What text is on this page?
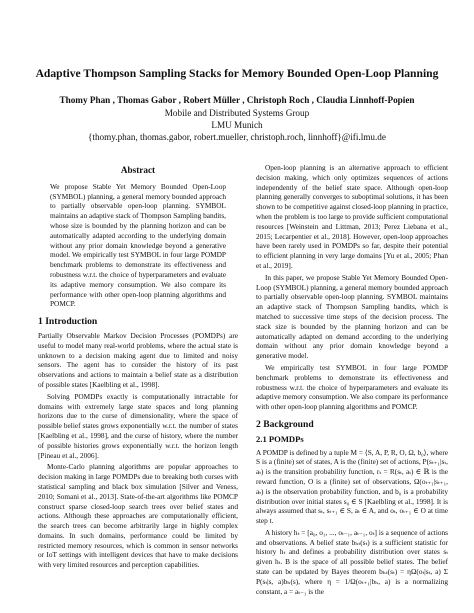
Adaptive Thompson Sampling Stacks for Memory Bounded Open-Loop Planning
Thomy Phan , Thomas Gabor , Robert Müller , Christoph Roch , Claudia Linnhoff-Popien
Mobile and Distributed Systems Group
LMU Munich
{thomy.phan, thomas.gabor, robert.mueller, christoph.roch, linnhoff}@ifi.lmu.de
Abstract
We propose Stable Yet Memory Bounded Open-Loop (SYMBOL) planning, a general memory bounded approach to partially observable open-loop planning. SYMBOL maintains an adaptive stack of Thompson Sampling bandits, whose size is bounded by the planning horizon and can be automatically adapted according to the underlying domain without any prior domain knowledge beyond a generative model. We empirically test SYMBOL in four large POMDP benchmark problems to demonstrate its effectiveness and robustness w.r.t. the choice of hyperparameters and evaluate its adaptive memory consumption. We also compare its performance with other open-loop planning algorithms and POMCP.
1 Introduction

Partially Observable Markov Decision Processes (POMDPs) are useful to model many real-world problems, where the actual state is unknown to a decision making agent due to limited and noisy sensors. The agent has to consider the history of its past observations and actions to maintain a belief state as a distribution of possible states [Kaelbling et al., 1998].

Solving POMDPs exactly is computationally intractable for domains with extremely large state spaces and long planning horizons due to the curse of dimensionality, where the space of possible belief states grows exponentially w.r.t. the number of states [Kaelbling et al., 1998], and the curse of history, where the number of possible histories grows exponentially w.r.t. the horizon length [Pineau et al., 2006].

Monte-Carlo planning algorithms are popular approaches to decision making in large POMDPs due to breaking both curses with statistical sampling and black box simulation [Silver and Veness, 2010; Somani et al., 2013]. State-of-the-art algorithms like POMCP construct sparse closed-loop search trees over belief states and actions. Although these approaches are computationally efficient, the search trees can become arbitrarily large in highly complex domains. In such domains, performance could be limited by restricted memory resources, which is common in sensor networks or IoT settings with intelligent devices that have to make decisions with very limited resources and perception capabilities.

Open-loop planning is an alternative approach to efficient decision making, which only optimizes sequences of actions independently of the belief state space. Although open-loop planning generally converges to suboptimal solutions, it has been shown to be competitive against closed-loop planning in practice, when the problem is too large to provide sufficient computational resources [Weinstein and Littman, 2013; Perez Liebana et al., 2015; Lecarpentier et al., 2018]. However, open-loop approaches have been rarely used in POMDPs so far, despite their potential to efficient planning in very large domains [Yu et al., 2005; Phan et al., 2019].

In this paper, we propose Stable Yet Memory Bounded Open-Loop (SYMBOL) planning, a general memory bounded approach to partially observable open-loop planning. SYMBOL maintains an adaptive stack of Thompson Sampling bandits, which is matched to successive time steps of the decision process. The stack size is bounded by the planning horizon and can be automatically adapted on demand according to the underlying domain without any prior domain knowledge beyond a generative model.

We empirically test SYMBOL in four large POMDP benchmark problems to demonstrate its effectiveness and robustness w.r.t. the choice of hyperparameters and evaluate its adaptive memory consumption. We also compare its performance with other open-loop planning algorithms and POMCP.

2 Background
2.1 POMDPs

A POMDP is defined by a tuple M = ⟨S, A, P, R, O, Ω, b₀⟩, where S is a (finite) set of states, A is the (finite) set of actions, P(sₜ₊₁|sₜ, aₜ) is the transition probability function, rₜ = R(sₜ, aₜ) ∈ ℝ is the reward function, O is a (finite) set of observations, Ω(oₜ₊₁|sₜ₊₁, aₜ) is the observation probability function, and b₀ is a probability distribution over initial states s₀ ∈ S [Kaelbling et al., 1998]. It is always assumed that sₜ, sₜ₊₁ ∈ S, aₜ ∈ A, and oₜ, oₜ₊₁ ∈ O at time step t.

A history hₜ = [a₀, o₁, ..., oₜ₋₁, aₜ₋₁, oₜ] is a sequence of actions and observations. A belief state bₕₜ(sₜ) is a sufficient statistic for history hₜ and defines a probability distribution over states sₜ given hₜ. B is the space of all possible belief states. The belief state can be updated by Bayes theorem bₕₜ(sₜ) = ηΩ(oₜ|sₜ, a) Σ P(sₜ|s, a)bₕ(s), where η = 1/Ω(oₜ₊₁|bₕ, a) is a normalizing constant, a = aₜ₋₁ is the
